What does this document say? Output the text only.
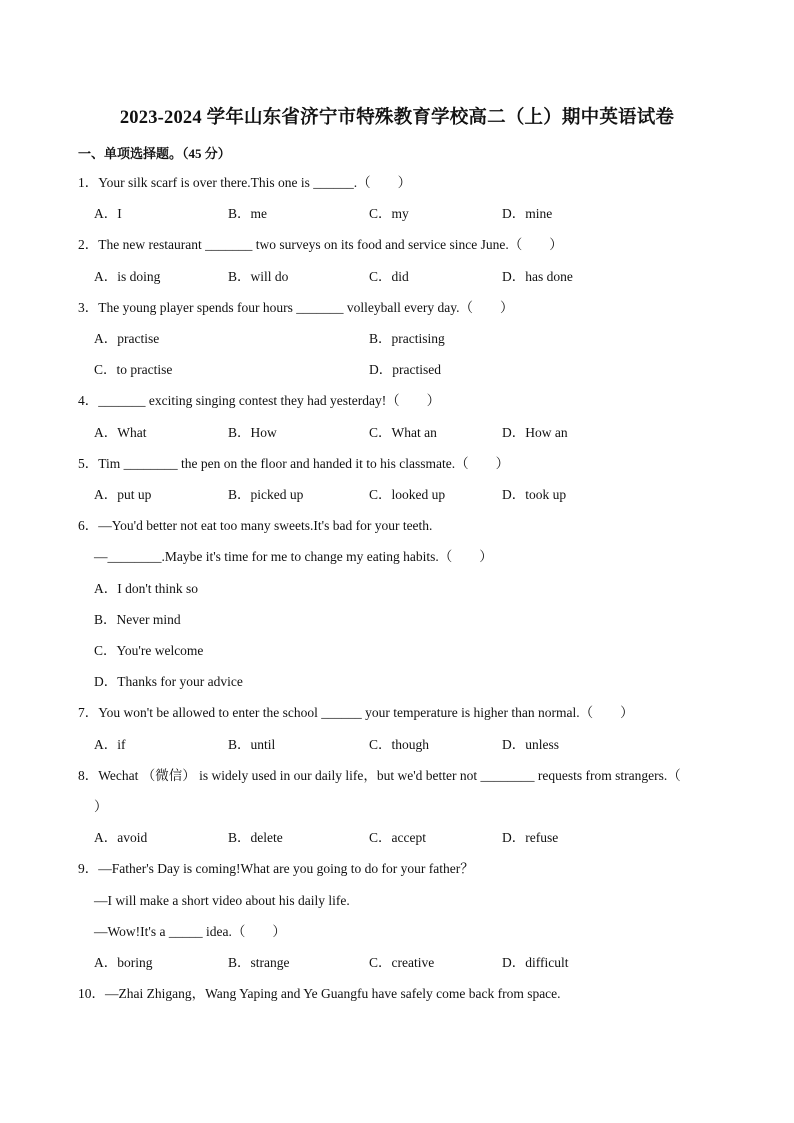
2023-2024 学年山东省济宁市特殊教育学校高二（上）期中英语试卷
一、单项选择题。（45 分）
1．Your silk scarf is over there.This one is ______.（　　）
A．I	B．me	C．my	D．mine
2．The new restaurant _______ two surveys on its food and service since June.（　　）
A．is doing	B．will do	C．did	D．has done
3．The young player spends four hours _______ volleyball every day.（　　）
A．practise	B．practising
C．to practise	D．practised
4．_______ exciting singing contest they had yesterday!（　　）
A．What	B．How	C．What an	D．How an
5．Tim ________ the pen on the floor and handed it to his classmate.（　　）
A．put up	B．picked up	C．looked up	D．took up
6．—You'd better not eat too many sweets.It's bad for your teeth.
—________.Maybe it's time for me to change my eating habits.（　　）
A．I don't think so
B．Never mind
C．You're welcome
D．Thanks for your advice
7．You won't be allowed to enter the school ______ your temperature is higher than normal.（　　）
A．if	B．until	C．though	D．unless
8．Wechat （微信） is widely used in our daily life，but we'd better not ________ requests from strangers.（
）
A．avoid	B．delete	C．accept	D．refuse
9．—Father's Day is coming!What are you going to do for your father？
—I will make a short video about his daily life.
—Wow!It's a _____ idea.（　　）
A．boring	B．strange	C．creative	D．difficult
10．—Zhai Zhigang，Wang Yaping and Ye Guangfu have safely come back from space.
